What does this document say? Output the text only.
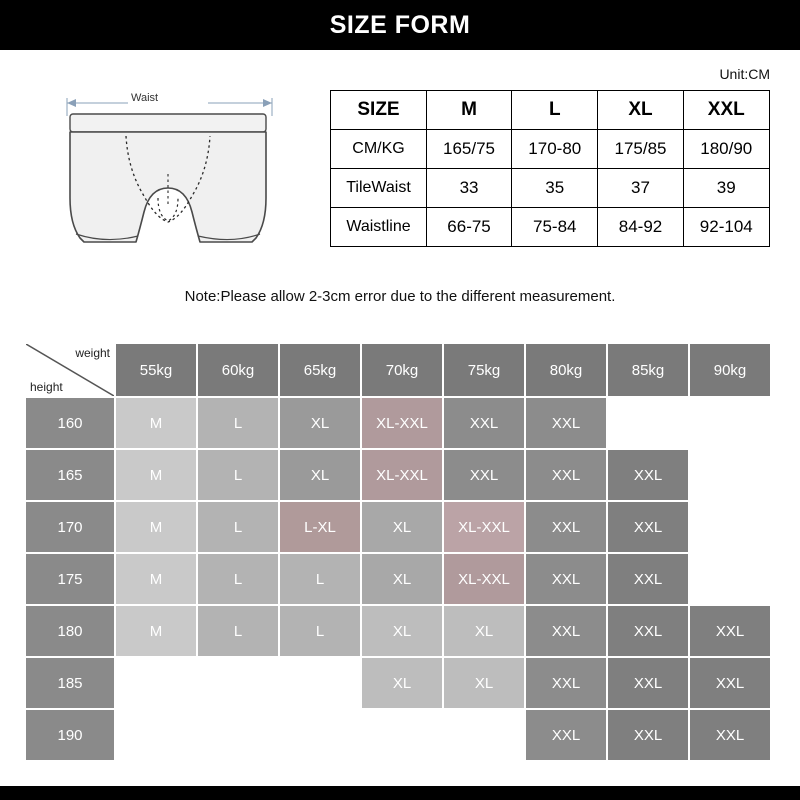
SIZE FORM
Unit:CM
Waist
SIZE	M	L	XL	XXL
CM/KG	165/75	170-80	175/85	180/90
TileWaist	33	35	37	39
Waistline	66-75	75-84	84-92	92-104
Note:Please allow 2-3cm error due to the different measurement.
weight
height	55kg	60kg	65kg	70kg	75kg	80kg	85kg	90kg
160	M	L	XL	XL-XXL	XXL	XXL		
165	M	L	XL	XL-XXL	XXL	XXL	XXL	
170	M	L	L-XL	XL	XL-XXL	XXL	XXL	
175	M	L	L	XL	XL-XXL	XXL	XXL	
180	M	L	L	XL	XL	XXL	XXL	XXL
185				XL	XL	XXL	XXL	XXL
190						XXL	XXL	XXL
